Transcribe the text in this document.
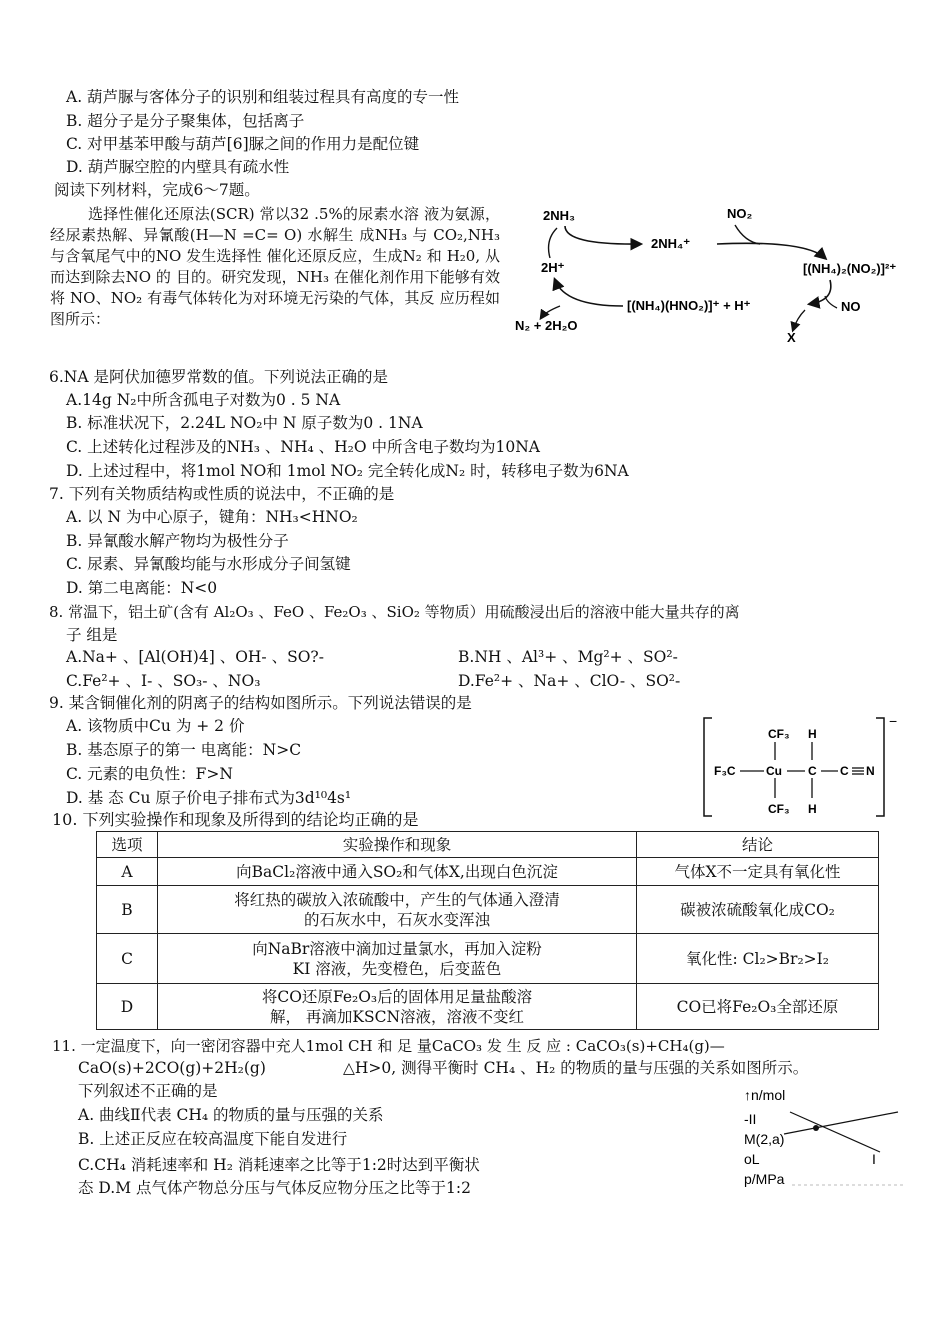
A. 葫芦脲与客体分子的识别和组装过程具有高度的专一性
B. 超分子是分子聚集体，包括离子
C. 对甲基苯甲酸与葫芦[6]脲之间的作用力是配位键
D. 葫芦脲空腔的内壁具有疏水性
阅读下列材料，完成6～7题。
选择性催化还原法(SCR) 常以32 .5%的尿素水溶 液为氨源，经尿素热解、异氰酸(H—N =C= O) 水解生 成NH₃ 与 CO₂,NH₃ 与含氧尾气中的NO 发生选择性 催化还原反应，生成N₂ 和 H₂0, 从而达到除去NO 的 目的。研究发现，NH₃ 在催化剂作用下能够有效将 NO、NO₂ 有毒气体转化为对环境无污染的气体，其反 应历程如图所示：
2NH₃	NO₂
2NH₄⁺
2H⁺	[(NH₄)₂(NO₂)]²⁺
[(NH₄)(HNO₂)]⁺ + H⁺	NO
N₂ + 2H₂O
X
6.NA 是阿伏加德罗常数的值。下列说法正确的是
A.14g N₂中所含孤电子对数为0 . 5 NA
B. 标准状况下，2.24L NO₂中 N 原子数为0 . 1NA
C. 上述转化过程涉及的NH₃ 、NH₄ 、H₂O 中所含电子数均为10NA
D. 上述过程中，将1mol NO和 1mol NO₂ 完全转化成N₂ 时，转移电子数为6NA
7. 下列有关物质结构或性质的说法中，不正确的是
A. 以 N 为中心原子，键角：NH₃<HNO₂
B. 异氰酸水解产物均为极性分子
C. 尿素、异氰酸均能与水形成分子间氢键
D. 第二电离能：N<0
8. 常温下，铝土矿(含有 Al₂O₃ 、FeO 、Fe₂O₃ 、SiO₂ 等物质）用硫酸浸出后的溶液中能大量共存的离
子 组是
A.Na+ 、[Al(OH)4] 、OH- 、SO?-	B.NH 、Al³+ 、Mg²+ 、SO²-
C.Fe²+ 、I- 、SO₃- 、NO₃	D.Fe²+ 、Na+ 、ClO- 、SO²-
9. 某含铜催化剂的阴离子的结构如图所示。下列说法错误的是
A. 该物质中Cu 为 + 2 价
B. 基态原子的第一 电离能：N>C
C. 元素的电负性：F>N
D. 基 态 Cu 原子价电子排布式为3d¹⁰4s¹
−
CF₃
F₃C	Cu
CF₃
H
C
H
C N
10. 下列实验操作和现象及所得到的结论均正确的是
选项	实验操作和现象	结论
A	向BaCl₂溶液中通入SO₂和气体X,出现白色沉淀	气体X不一定具有氧化性
B	将红热的碳放入浓硫酸中，产生的气体通入澄清
的石灰水中，石灰水变浑浊	碳被浓硫酸氧化成CO₂
C	向NaBr溶液中滴加过量氯水，再加入淀粉
KI 溶液，先变橙色，后变蓝色	氧化性: Cl₂>Br₂>I₂
D	将CO还原Fe₂O₃后的固体用足量盐酸溶
解， 再滴加KSCN溶液，溶液不变红	CO已将Fe₂O₃全部还原
11. 一定温度下，向一密闭容器中充人1mol CH 和 足 量CaCO₃ 发 生 反 应 : CaCO₃(s)+CH₄(g)—
CaO(s)+2CO(g)+2H₂(g)	△H>0, 测得平衡时 CH₄ 、H₂ 的物质的量与压强的关系如图所示。
下列叙述不正确的是
A. 曲线Ⅱ代表 CH₄ 的物质的量与压强的关系
B. 上述正反应在较高温度下能自发进行
C.CH₄ 消耗速率和 H₂ 消耗速率之比等于1:2时达到平衡状
态 D.M 点气体产物总分压与气体反应物分压之比等于1:2
↑n/mol
-II
M(2,a)
oL
p/MPa
I
